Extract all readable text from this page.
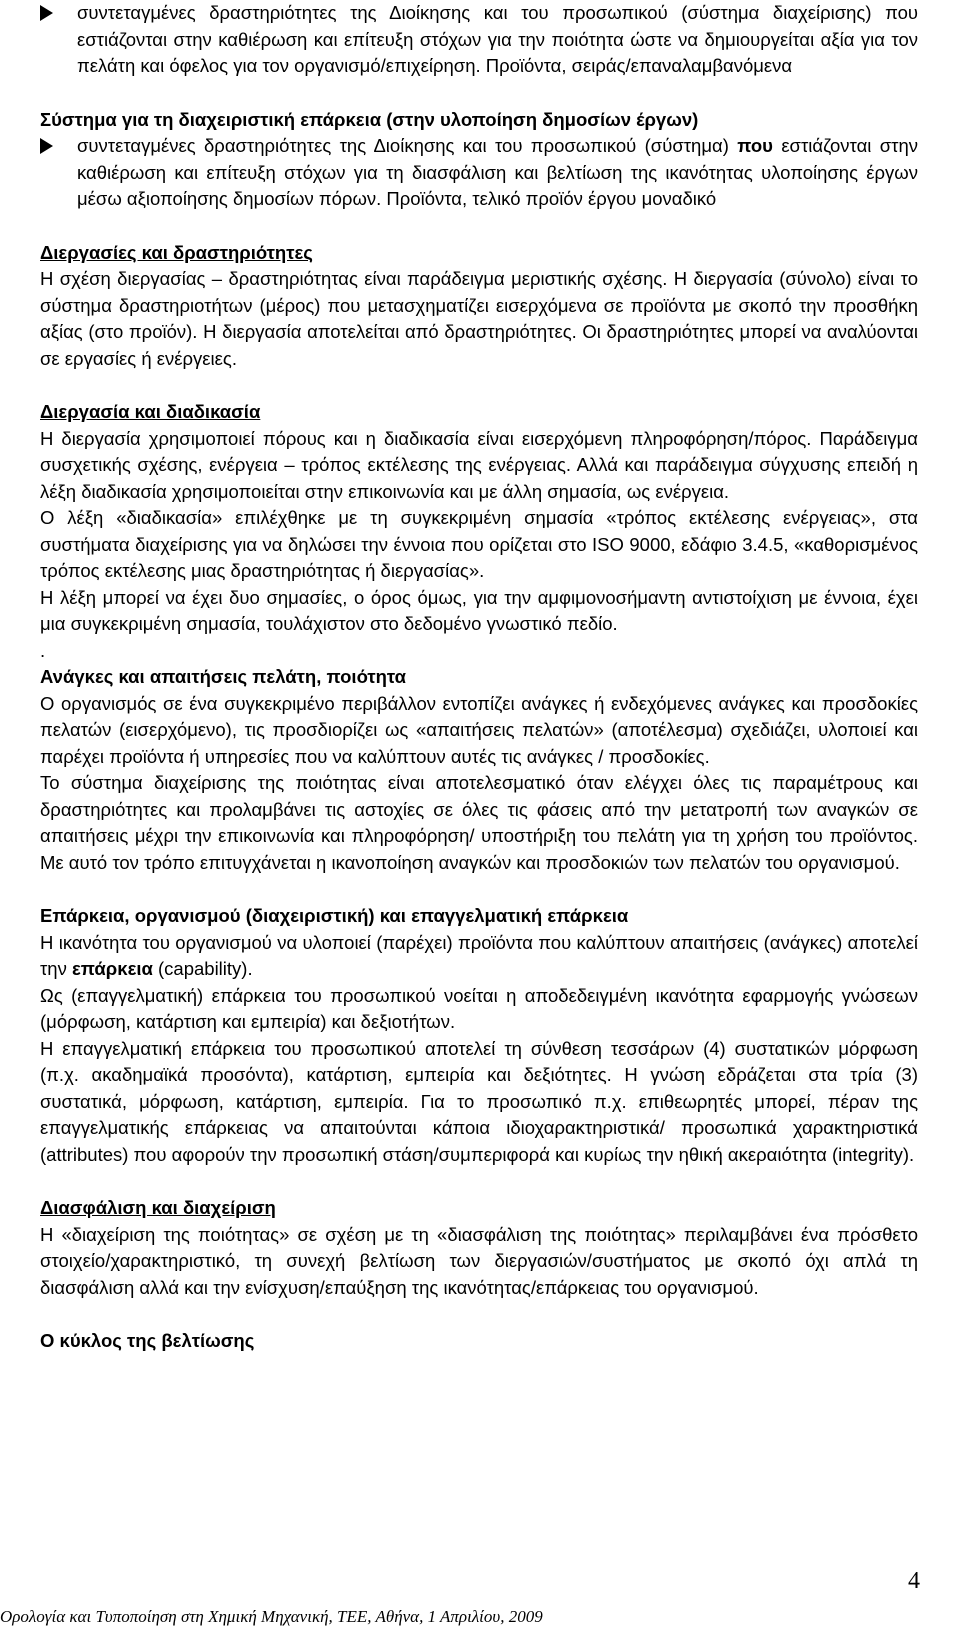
συντεταγμένες δραστηριότητες της Διοίκησης και του προσωπικού (σύστημα διαχείρισης) που εστιάζονται στην καθιέρωση και επίτευξη στόχων για την ποιότητα ώστε να δημιουργείται αξία για τον πελάτη και όφελος για τον οργανισμό/επιχείρηση. Προϊόντα, σειράς/επαναλαμβανόμενα

Σύστημα για τη διαχειριστική επάρκεια (στην υλοποίηση δημοσίων έργων)

συντεταγμένες δραστηριότητες της Διοίκησης και του προσωπικού (σύστημα) που εστιάζονται στην καθιέρωση και επίτευξη στόχων για τη διασφάλιση και βελτίωση της ικανότητας υλοποίησης έργων μέσω αξιοποίησης δημοσίων πόρων. Προϊόντα, τελικό προϊόν έργου μοναδικό

Διεργασίες και δραστηριότητες

Η σχέση διεργασίας – δραστηριότητας είναι παράδειγμα μεριστικής σχέσης. Η διεργασία (σύνολο) είναι το σύστημα δραστηριοτήτων (μέρος) που μετασχηματίζει εισερχόμενα σε προϊόντα με σκοπό την προσθήκη αξίας (στο προϊόν). Η διεργασία αποτελείται από δραστηριότητες. Οι δραστηριότητες μπορεί να αναλύονται σε εργασίες ή ενέργειες.

Διεργασία και διαδικασία

Η διεργασία χρησιμοποιεί πόρους και η διαδικασία είναι εισερχόμενη πληροφόρηση/πόρος. Παράδειγμα συσχετικής σχέσης, ενέργεια – τρόπος εκτέλεσης της ενέργειας. Αλλά και παράδειγμα σύγχυσης επειδή η λέξη διαδικασία χρησιμοποιείται στην επικοινωνία και με άλλη σημασία, ως ενέργεια.

Ο λέξη «διαδικασία» επιλέχθηκε με τη συγκεκριμένη σημασία «τρόπος εκτέλεσης ενέργειας», στα συστήματα διαχείρισης για να δηλώσει την έννοια που ορίζεται στο ISO 9000, εδάφιο 3.4.5, «καθορισμένος τρόπος εκτέλεσης μιας δραστηριότητας ή διεργασίας».

Η λέξη μπορεί να έχει δυο σημασίες, ο όρος όμως, για την αμφιμονοσήμαντη αντιστοίχιση με έννοια, έχει μια συγκεκριμένη σημασία, τουλάχιστον στο δεδομένο γνωστικό πεδίο.

.

Ανάγκες και απαιτήσεις πελάτη, ποιότητα

Ο οργανισμός σε ένα συγκεκριμένο περιβάλλον εντοπίζει ανάγκες ή ενδεχόμενες ανάγκες και προσδοκίες πελατών (εισερχόμενο), τις προσδιορίζει ως «απαιτήσεις πελατών» (αποτέλεσμα) σχεδιάζει, υλοποιεί και παρέχει προϊόντα ή υπηρεσίες που να καλύπτουν αυτές τις ανάγκες / προσδοκίες.

Το σύστημα διαχείρισης της ποιότητας είναι αποτελεσματικό όταν ελέγχει όλες τις παραμέτρους και δραστηριότητες και προλαμβάνει τις αστοχίες σε όλες τις φάσεις από την μετατροπή των αναγκών σε απαιτήσεις μέχρι την επικοινωνία και πληροφόρηση/ υποστήριξη του πελάτη για τη χρήση του προϊόντος. Με αυτό τον τρόπο επιτυγχάνεται η ικανοποίηση αναγκών και προσδοκιών των πελατών του οργανισμού.

Επάρκεια, οργανισμού (διαχειριστική) και επαγγελματική επάρκεια

Η ικανότητα του οργανισμού να υλοποιεί (παρέχει) προϊόντα που καλύπτουν απαιτήσεις (ανάγκες) αποτελεί την επάρκεια (capability).

Ως (επαγγελματική) επάρκεια του προσωπικού νοείται η αποδεδειγμένη ικανότητα εφαρμογής γνώσεων (μόρφωση, κατάρτιση και εμπειρία) και δεξιοτήτων.

Η επαγγελματική επάρκεια του προσωπικού αποτελεί τη σύνθεση τεσσάρων (4) συστατικών μόρφωση (π.χ. ακαδημαϊκά προσόντα), κατάρτιση, εμπειρία και δεξιότητες. Η γνώση εδράζεται στα τρία (3) συστατικά, μόρφωση, κατάρτιση, εμπειρία. Για το προσωπικό π.χ. επιθεωρητές μπορεί, πέραν της επαγγελματικής επάρκειας να απαιτούνται κάποια ιδιοχαρακτηριστικά/ προσωπικά χαρακτηριστικά (attributes) που αφορούν την προσωπική στάση/συμπεριφορά και κυρίως την ηθική ακεραιότητα (integrity).

Διασφάλιση και διαχείριση

Η «διαχείριση της ποιότητας» σε σχέση με τη «διασφάλιση της ποιότητας» περιλαμβάνει ένα πρόσθετο στοιχείο/χαρακτηριστικό, τη συνεχή βελτίωση των διεργασιών/συστήματος με σκοπό όχι απλά τη διασφάλιση αλλά και την ενίσχυση/επαύξηση της ικανότητας/επάρκειας του οργανισμού.

Ο κύκλος της βελτίωσης

4
Ορολογία και Τυποποίηση στη Χημική Μηχανική, ΤΕΕ, Αθήνα, 1 Απριλίου, 2009
